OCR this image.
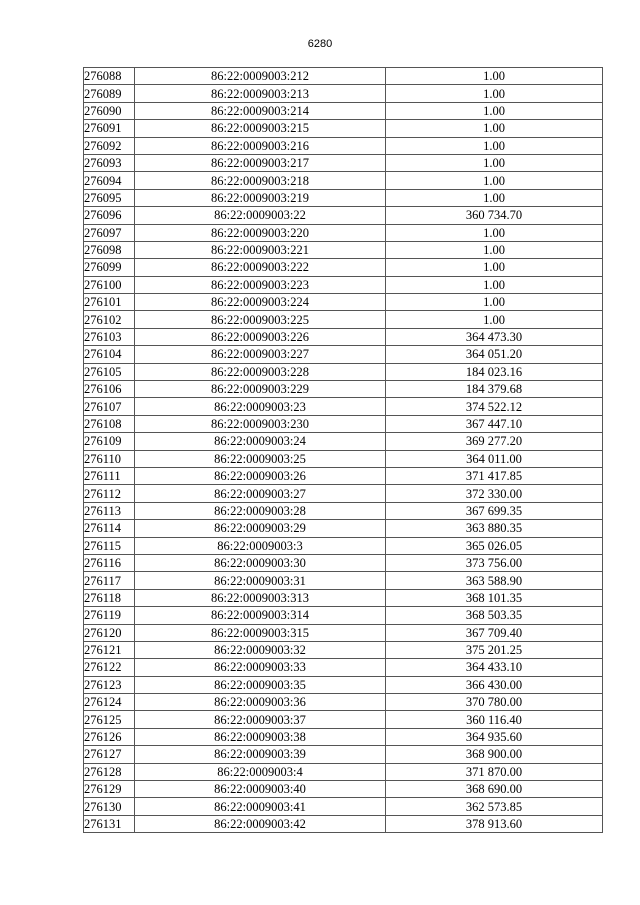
6280
276088	86:22:0009003:212	1.00
276089	86:22:0009003:213	1.00
276090	86:22:0009003:214	1.00
276091	86:22:0009003:215	1.00
276092	86:22:0009003:216	1.00
276093	86:22:0009003:217	1.00
276094	86:22:0009003:218	1.00
276095	86:22:0009003:219	1.00
276096	86:22:0009003:22	360 734.70
276097	86:22:0009003:220	1.00
276098	86:22:0009003:221	1.00
276099	86:22:0009003:222	1.00
276100	86:22:0009003:223	1.00
276101	86:22:0009003:224	1.00
276102	86:22:0009003:225	1.00
276103	86:22:0009003:226	364 473.30
276104	86:22:0009003:227	364 051.20
276105	86:22:0009003:228	184 023.16
276106	86:22:0009003:229	184 379.68
276107	86:22:0009003:23	374 522.12
276108	86:22:0009003:230	367 447.10
276109	86:22:0009003:24	369 277.20
276110	86:22:0009003:25	364 011.00
276111	86:22:0009003:26	371 417.85
276112	86:22:0009003:27	372 330.00
276113	86:22:0009003:28	367 699.35
276114	86:22:0009003:29	363 880.35
276115	86:22:0009003:3	365 026.05
276116	86:22:0009003:30	373 756.00
276117	86:22:0009003:31	363 588.90
276118	86:22:0009003:313	368 101.35
276119	86:22:0009003:314	368 503.35
276120	86:22:0009003:315	367 709.40
276121	86:22:0009003:32	375 201.25
276122	86:22:0009003:33	364 433.10
276123	86:22:0009003:35	366 430.00
276124	86:22:0009003:36	370 780.00
276125	86:22:0009003:37	360 116.40
276126	86:22:0009003:38	364 935.60
276127	86:22:0009003:39	368 900.00
276128	86:22:0009003:4	371 870.00
276129	86:22:0009003:40	368 690.00
276130	86:22:0009003:41	362 573.85
276131	86:22:0009003:42	378 913.60
